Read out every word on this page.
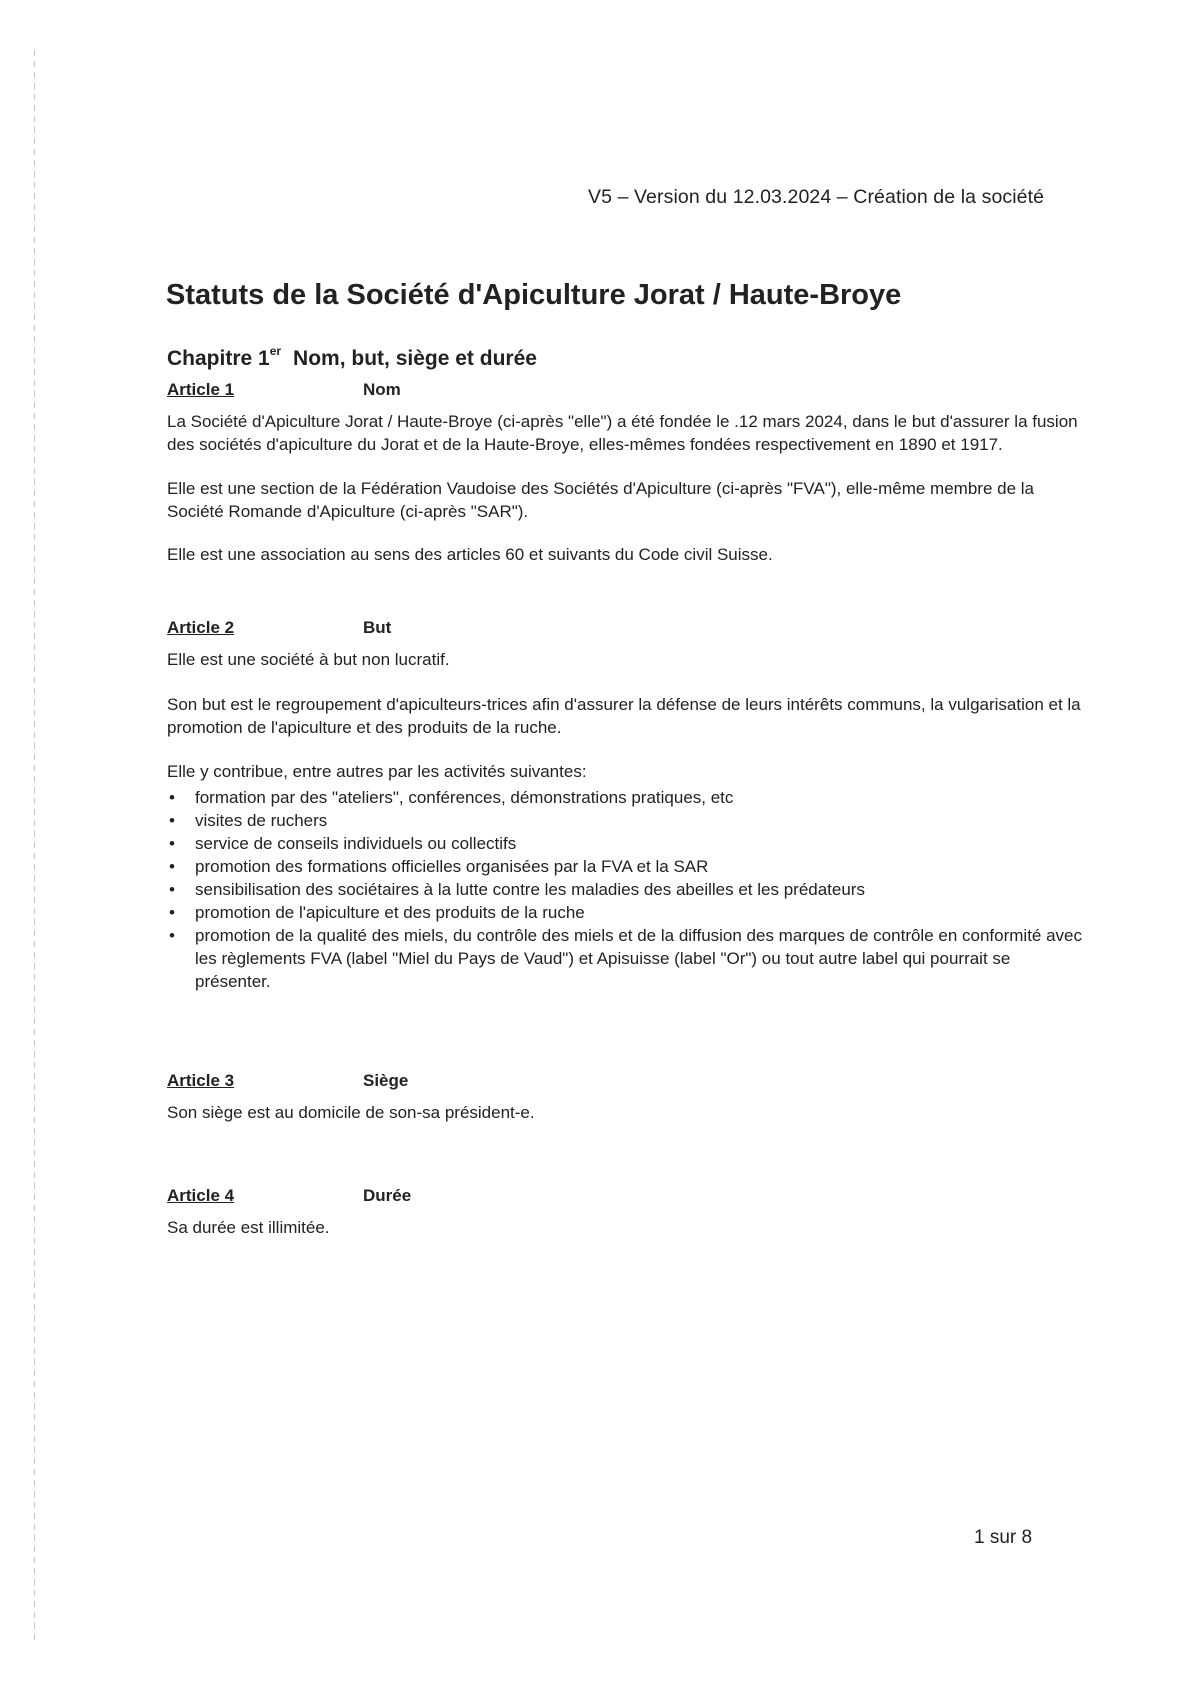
V5 – Version du 12.03.2024 – Création de la société
Statuts de la Société d'Apiculture Jorat / Haute-Broye
Chapitre 1er Nom, but, siège et durée
Article 1	Nom

La Société d'Apiculture Jorat / Haute-Broye (ci-après "elle") a été fondée le .12 mars 2024, dans le but d'assurer la fusion des sociétés d'apiculture du Jorat et de la Haute-Broye, elles-mêmes fondées respectivement en 1890 et 1917.

Elle est une section de la Fédération Vaudoise des Sociétés d'Apiculture (ci-après "FVA"), elle-même membre de la Société Romande d'Apiculture (ci-après "SAR").

Elle est une association au sens des articles 60 et suivants du Code civil Suisse.

Article 2	But

Elle est une société à but non lucratif.

Son but est le regroupement d'apiculteurs-trices afin d'assurer la défense de leurs intérêts communs, la vulgarisation et la promotion de l'apiculture et des produits de la ruche.

Elle y contribue, entre autres par les activités suivantes:

• formation par des "ateliers", conférences, démonstrations pratiques, etc
• visites de ruchers
• service de conseils individuels ou collectifs
• promotion des formations officielles organisées par la FVA et la SAR
• sensibilisation des sociétaires à la lutte contre les maladies des abeilles et les prédateurs
• promotion de l'apiculture et des produits de la ruche
• promotion de la qualité des miels, du contrôle des miels et de la diffusion des marques de contrôle en conformité avec les règlements FVA (label "Miel du Pays de Vaud") et Apisuisse (label "Or") ou tout autre label qui pourrait se présenter.
Article 3	Siège

Son siège est au domicile de son-sa président-e.

Article 4	Durée

Sa durée est illimitée.

1 sur 8
